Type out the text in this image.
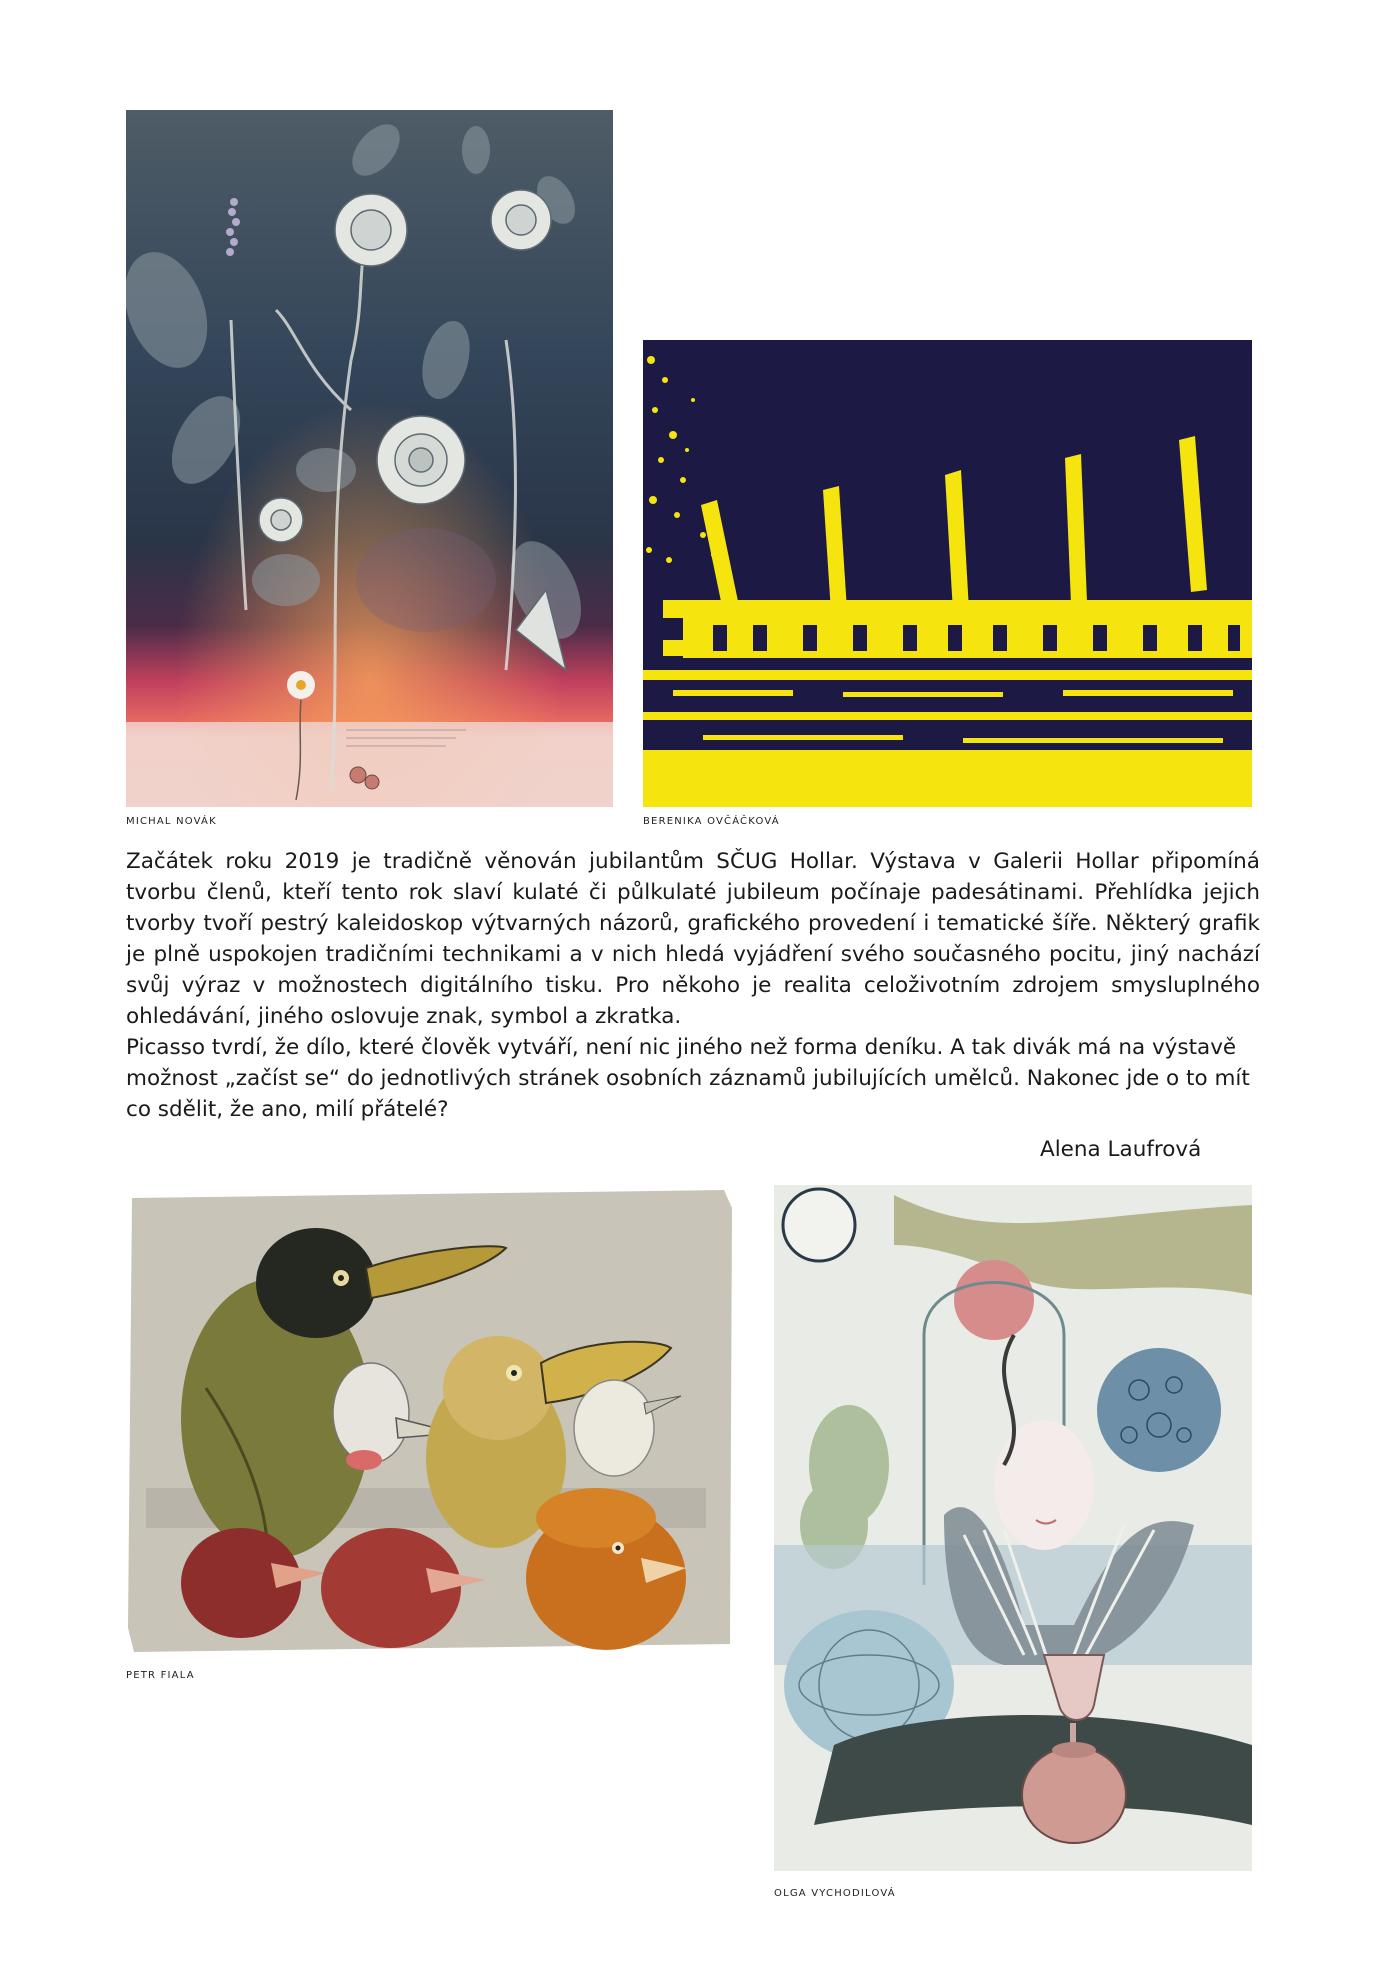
MICHAL NOVÁK	BERENIKA OVČÁČKOVÁ

Začátek roku 2019 je tradičně věnován jubilantům SČUG Hollar. Výstava v Galerii Hollar připomíná tvorbu členů, kteří tento rok slaví kulaté či půlkulaté jubileum počínaje padesátinami. Přehlídka jejich tvorby tvoří pestrý kaleidoskop výtvarných názorů, grafického provedení i tematické šíře. Některý grafik je plně uspokojen tradičními technikami a v nich hledá vyjádření svého současného pocitu, jiný nachází svůj výraz v možnostech digitálního tisku. Pro někoho je realita celoživotním zdrojem smysluplného ohledávání, jiného oslovuje znak, symbol a zkratka.

Picasso tvrdí, že dílo, které člověk vytváří, není nic jiného než forma deníku. A tak divák má na výstavě možnost „začíst se“ do jednotlivých stránek osobních záznamů jubilujících umělců. Nakonec jde o to mít co sdělit, že ano, milí přátelé?

Alena Laufrová
PETR FIALA
OLGA VYCHODILOVÁ
